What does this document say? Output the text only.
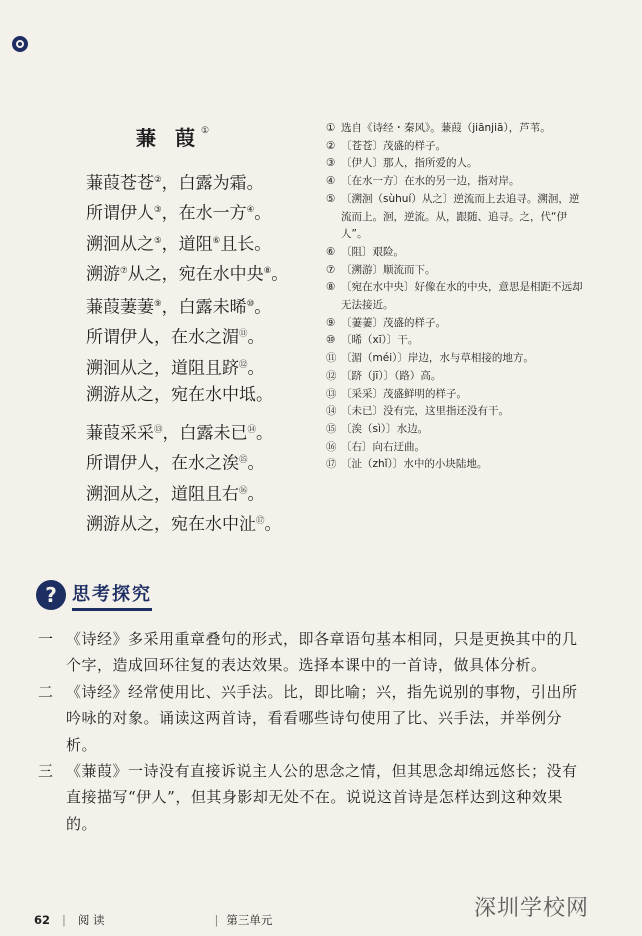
蒹 葭①
蒹葭苍苍②，白露为霜。
所谓伊人③，在水一方④。
溯洄从之⑤，道阻⑥且长。
溯游⑦从之，宛在水中央⑧。
蒹葭萋萋⑨，白露未晞⑩。
所谓伊人，在水之湄⑪。
溯洄从之，道阻且跻⑫。
溯游从之，宛在水中坻。
蒹葭采采⑬，白露未已⑭。
所谓伊人，在水之涘⑮。
溯洄从之，道阻且右⑯。
溯游从之，宛在水中沚⑰。
① 选自《诗经・秦风》。蒹葭（jiānjiā），芦苇。
② 〔苍苍〕茂盛的样子。
③ 〔伊人〕那人，指所爱的人。
④ 〔在水一方〕在水的另一边，指对岸。
⑤ 〔溯洄（sùhuí）从之〕逆流而上去追寻。溯洄，逆流而上。洄，逆流。从，跟随、追寻。之，代“伊人”。
⑥ 〔阻〕艰险。
⑦ 〔溯游〕顺流而下。
⑧ 〔宛在水中央〕好像在水的中央，意思是相距不远却无法接近。
⑨ 〔萋萋〕茂盛的样子。
⑩ 〔晞（xī）〕干。
⑪ 〔湄（méi）〕岸边，水与草相接的地方。
⑫ 〔跻（jī）〕（路）高。
⑬ 〔采采〕茂盛鲜明的样子。
⑭ 〔未已〕没有完，这里指还没有干。
⑮ 〔涘（sì）〕水边。
⑯ 〔右〕向右迂曲。
⑰ 〔沚（zhǐ）〕水中的小块陆地。
? 思考探究
一 《诗经》多采用重章叠句的形式，即各章语句基本相同，只是更换其中的几个字，造成回环往复的表达效果。选择本课中的一首诗，做具体分析。
二 《诗经》经常使用比、兴手法。比，即比喻；兴，指先说别的事物，引出所吟咏的对象。诵读这两首诗，看看哪些诗句使用了比、兴手法，并举例分析。
三 《蒹葭》一诗没有直接诉说主人公的思念之情，但其思念却绵远悠长；没有直接描写“伊人”，但其身影却无处不在。说说这首诗是怎样达到这种效果的。
62 | 阅 读	| 第三单元	深圳学校网
